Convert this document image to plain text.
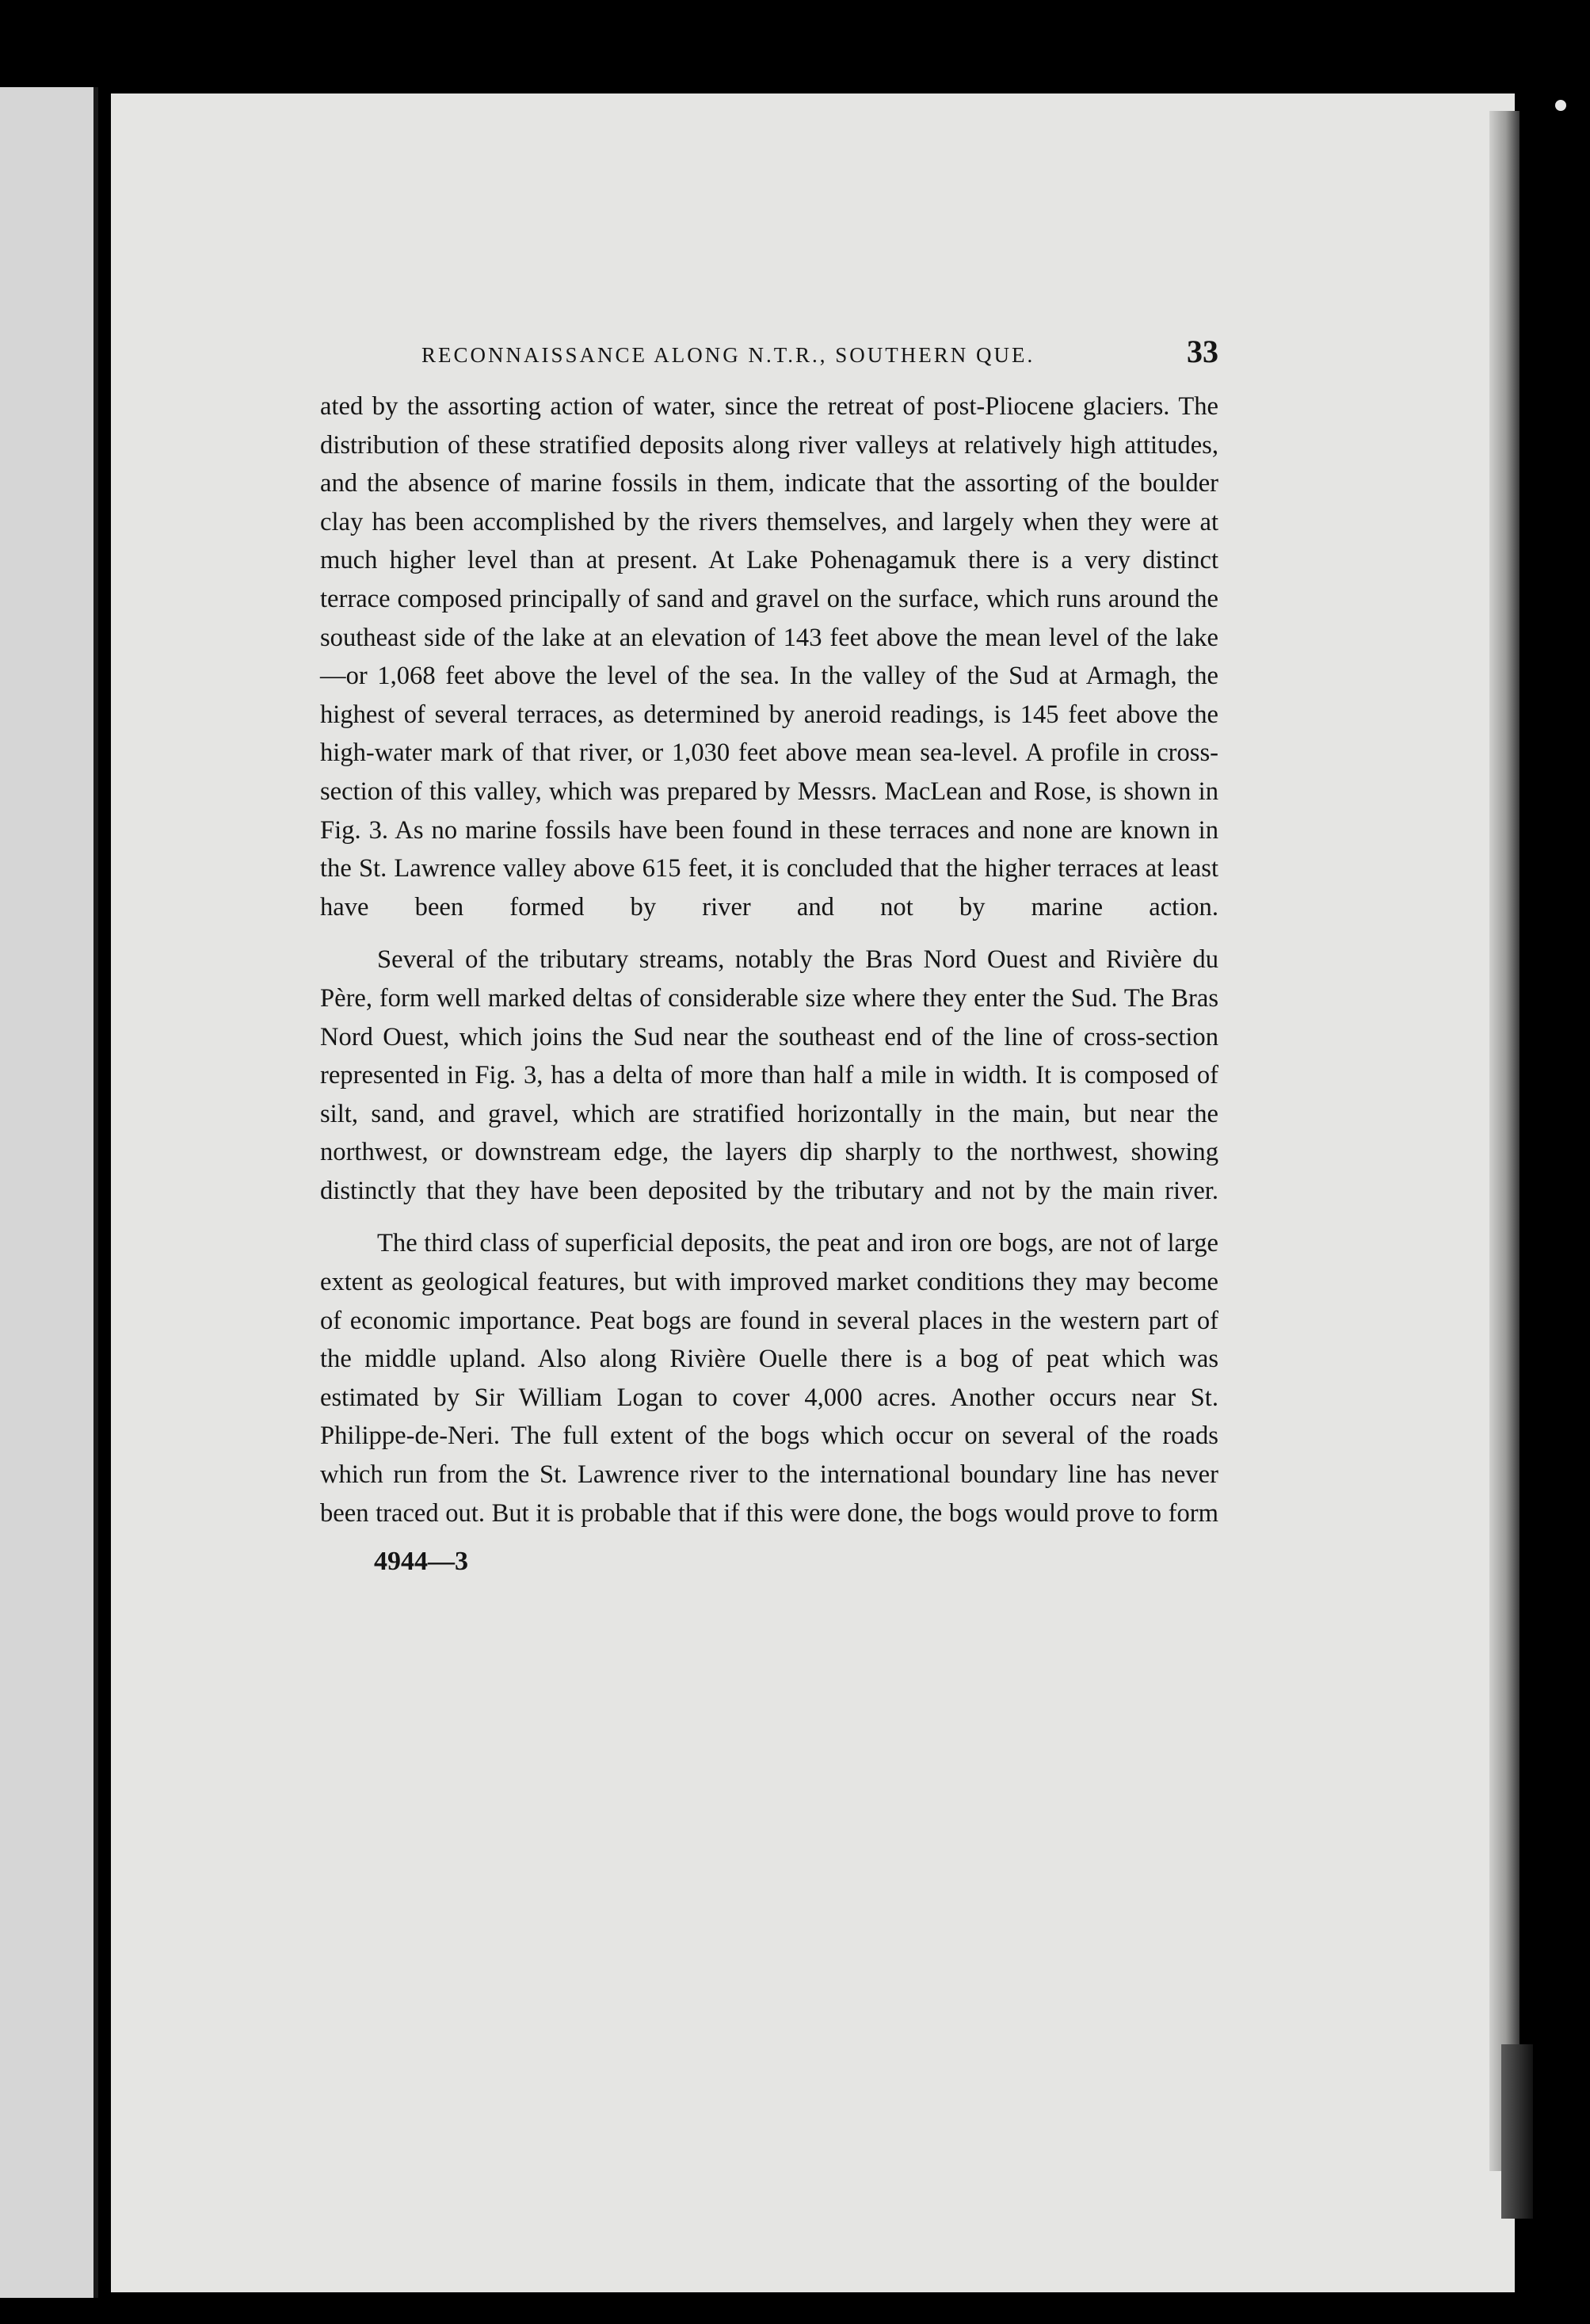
RECONNAISSANCE ALONG N.T.R., SOUTHERN QUE.	33

ated by the assorting action of water, since the retreat of post-Pliocene glaciers. The distribution of these stratified deposits along river valleys at relatively high attitudes, and the absence of marine fossils in them, indicate that the assorting of the boulder clay has been accomplished by the rivers themselves, and largely when they were at much higher level than at present. At Lake Pohenagamuk there is a very distinct terrace composed principally of sand and gravel on the surface, which runs around the southeast side of the lake at an elevation of 143 feet above the mean level of the lake—or 1,068 feet above the level of the sea. In the valley of the Sud at Armagh, the highest of several terraces, as determined by aneroid readings, is 145 feet above the high-water mark of that river, or 1,030 feet above mean sea-level. A profile in cross-section of this valley, which was prepared by Messrs. MacLean and Rose, is shown in Fig. 3. As no marine fossils have been found in these terraces and none are known in the St. Lawrence valley above 615 feet, it is concluded that the higher terraces at least have been formed by river and not by marine action.

Several of the tributary streams, notably the Bras Nord Ouest and Rivière du Père, form well marked deltas of considerable size where they enter the Sud. The Bras Nord Ouest, which joins the Sud near the southeast end of the line of cross-section represented in Fig. 3, has a delta of more than half a mile in width. It is composed of silt, sand, and gravel, which are stratified horizontally in the main, but near the northwest, or downstream edge, the layers dip sharply to the northwest, showing distinctly that they have been deposited by the tributary and not by the main river.

The third class of superficial deposits, the peat and iron ore bogs, are not of large extent as geological features, but with improved market conditions they may become of economic importance. Peat bogs are found in several places in the western part of the middle upland. Also along Rivière Ouelle there is a bog of peat which was estimated by Sir William Logan to cover 4,000 acres. Another occurs near St. Philippe-de-Neri. The full extent of the bogs which occur on several of the roads which run from the St. Lawrence river to the international boundary line has never been traced out. But it is probable that if this were done, the bogs would prove to form

4944—3
